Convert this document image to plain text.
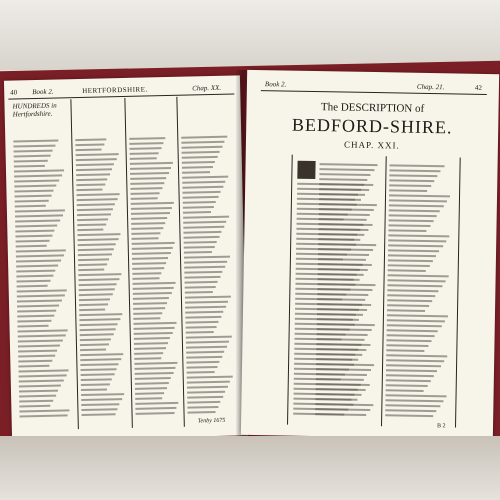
40 Book 2.	HERTFORDSHIRE.	Chap. XX.
HUNDREDS in Hertfordshire.
Tenby 1675
Book 2.	Chap. 21.	42
The DESCRIPTION of
BEDFORD-SHIRE.
CHAP. XXI.
B 2
